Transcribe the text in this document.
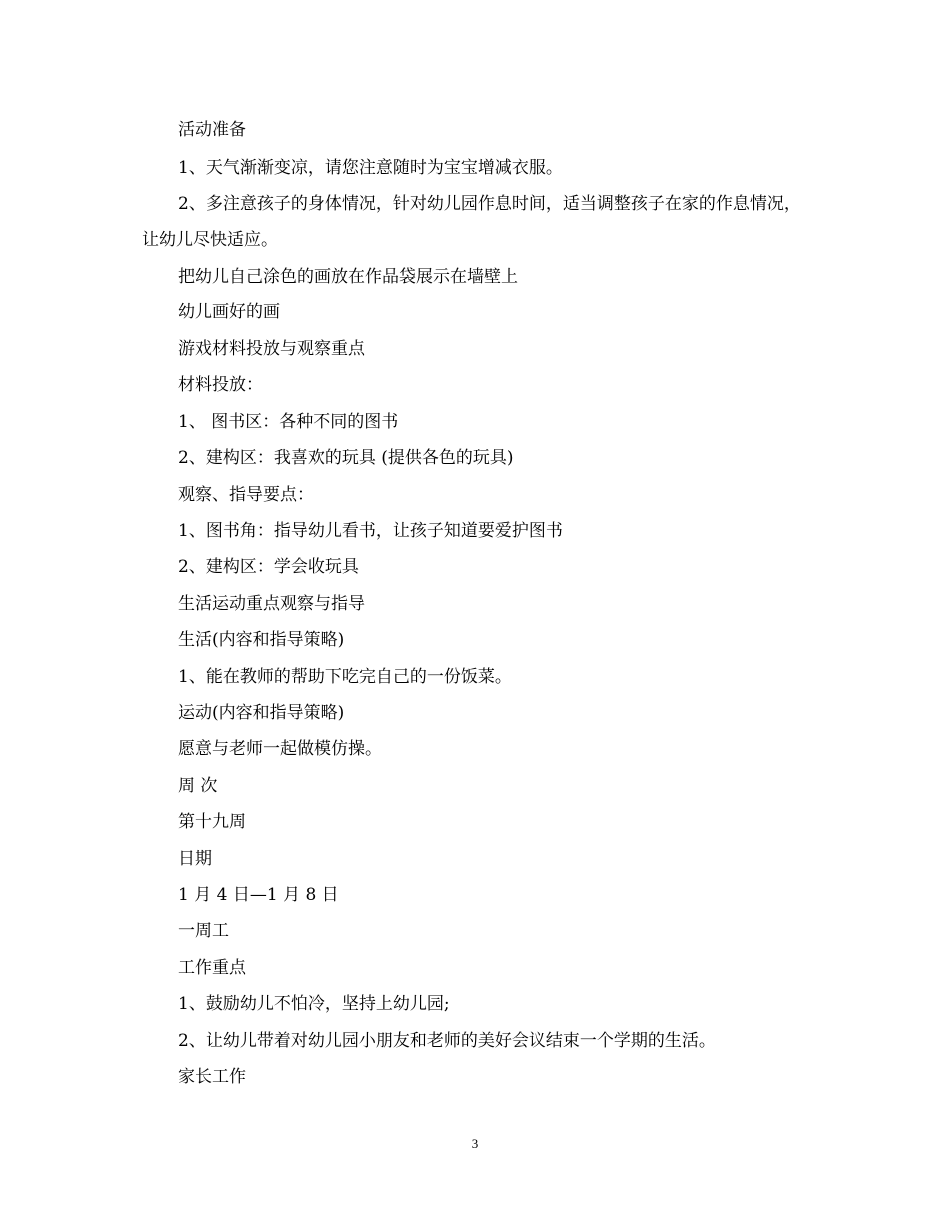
活动准备

1、天气渐渐变凉，请您注意随时为宝宝增减衣服。

2、多注意孩子的身体情况，针对幼儿园作息时间，适当调整孩子在家的作息情况，让幼儿尽快适应。

把幼儿自己涂色的画放在作品袋展示在墙壁上

幼儿画好的画

游戏材料投放与观察重点

材料投放：

1、 图书区：各种不同的图书

2、建构区：我喜欢的玩具 (提供各色的玩具)

观察、指导要点：

1、图书角：指导幼儿看书，让孩子知道要爱护图书

2、建构区：学会收玩具

生活运动重点观察与指导

生活(内容和指导策略)

1、能在教师的帮助下吃完自己的一份饭菜。

运动(内容和指导策略)

愿意与老师一起做模仿操。

周 次

第十九周

日期

1 月 4 日—1 月 8 日

一周工

工作重点

1、鼓励幼儿不怕冷，坚持上幼儿园;

2、让幼儿带着对幼儿园小朋友和老师的美好会议结束一个学期的生活。

家长工作

3
